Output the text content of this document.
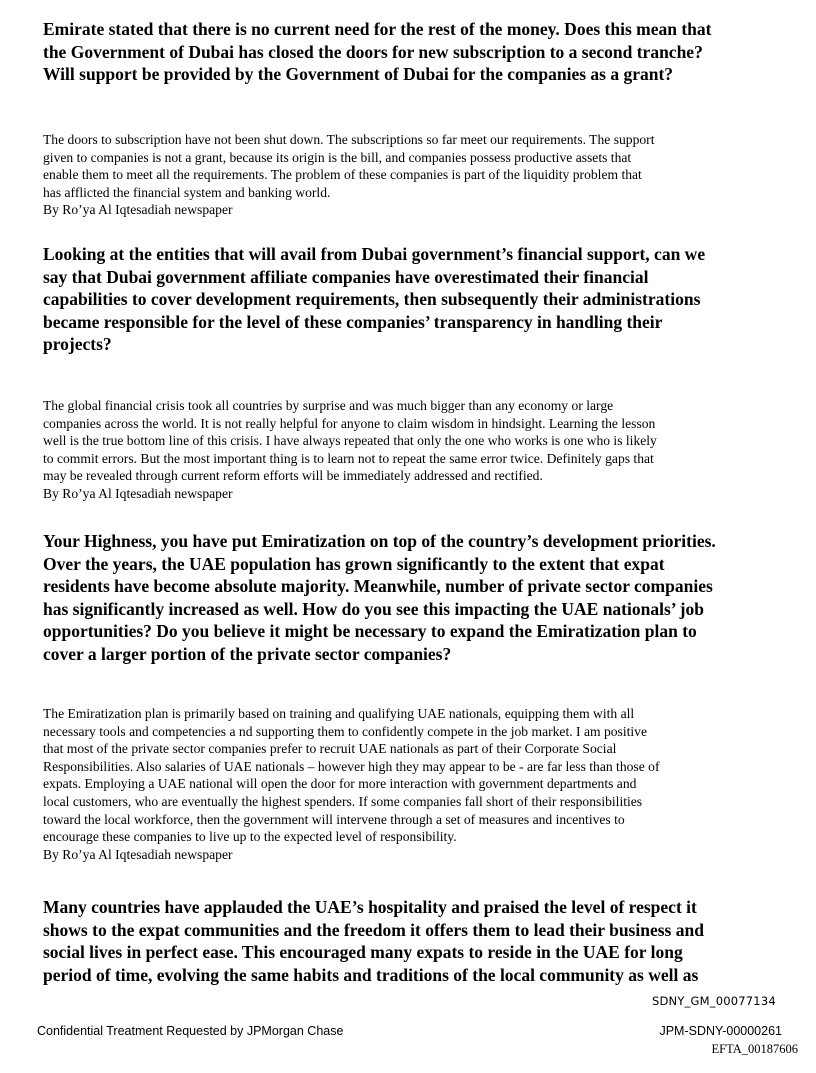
Emirate stated that there is no current need for the rest of the money. Does this mean that
the Government of Dubai has closed the doors for new subscription to a second tranche?
Will support be provided by the Government of Dubai for the companies as a grant?

The doors to subscription have not been shut down. The subscriptions so far meet our requirements. The support
given to companies is not a grant, because its origin is the bill, and companies possess productive assets that
enable them to meet all the requirements. The problem of these companies is part of the liquidity problem that
has afflicted the financial system and banking world.
By Ro’ya Al Iqtesadiah newspaper

Looking at the entities that will avail from Dubai government’s financial support, can we
say that Dubai government affiliate companies have overestimated their financial
capabilities to cover development requirements, then subsequently their administrations
became responsible for the level of these companies’ transparency in handling their
projects?

The global financial crisis took all countries by surprise and was much bigger than any economy or large
companies across the world. It is not really helpful for anyone to claim wisdom in hindsight. Learning the lesson
well is the true bottom line of this crisis. I have always repeated that only the one who works is one who is likely
to commit errors. But the most important thing is to learn not to repeat the same error twice. Definitely gaps that
may be revealed through current reform efforts will be immediately addressed and rectified.
By Ro’ya Al Iqtesadiah newspaper

Your Highness, you have put Emiratization on top of the country’s development priorities.
Over the years, the UAE population has grown significantly to the extent that expat
residents have become absolute majority. Meanwhile, number of private sector companies
has significantly increased as well. How do you see this impacting the UAE nationals’ job
opportunities? Do you believe it might be necessary to expand the Emiratization plan to
cover a larger portion of the private sector companies?

The Emiratization plan is primarily based on training and qualifying UAE nationals, equipping them with all
necessary tools and competencies a nd supporting them to confidently compete in the job market. I am positive
that most of the private sector companies prefer to recruit UAE nationals as part of their Corporate Social
Responsibilities. Also salaries of UAE nationals – however high they may appear to be - are far less than those of
expats. Employing a UAE national will open the door for more interaction with government departments and
local customers, who are eventually the highest spenders. If some companies fall short of their responsibilities
toward the local workforce, then the government will intervene through a set of measures and incentives to
encourage these companies to live up to the expected level of responsibility.
By Ro’ya Al Iqtesadiah newspaper

Many countries have applauded the UAE’s hospitality and praised the level of respect it
shows to the expat communities and the freedom it offers them to lead their business and
social lives in perfect ease. This encouraged many expats to reside in the UAE for long
period of time, evolving the same habits and traditions of the local community as well as

SDNY_GM_00077134
Confidential Treatment Requested by JPMorgan Chase	JPM-SDNY-00000261
EFTA_00187606
